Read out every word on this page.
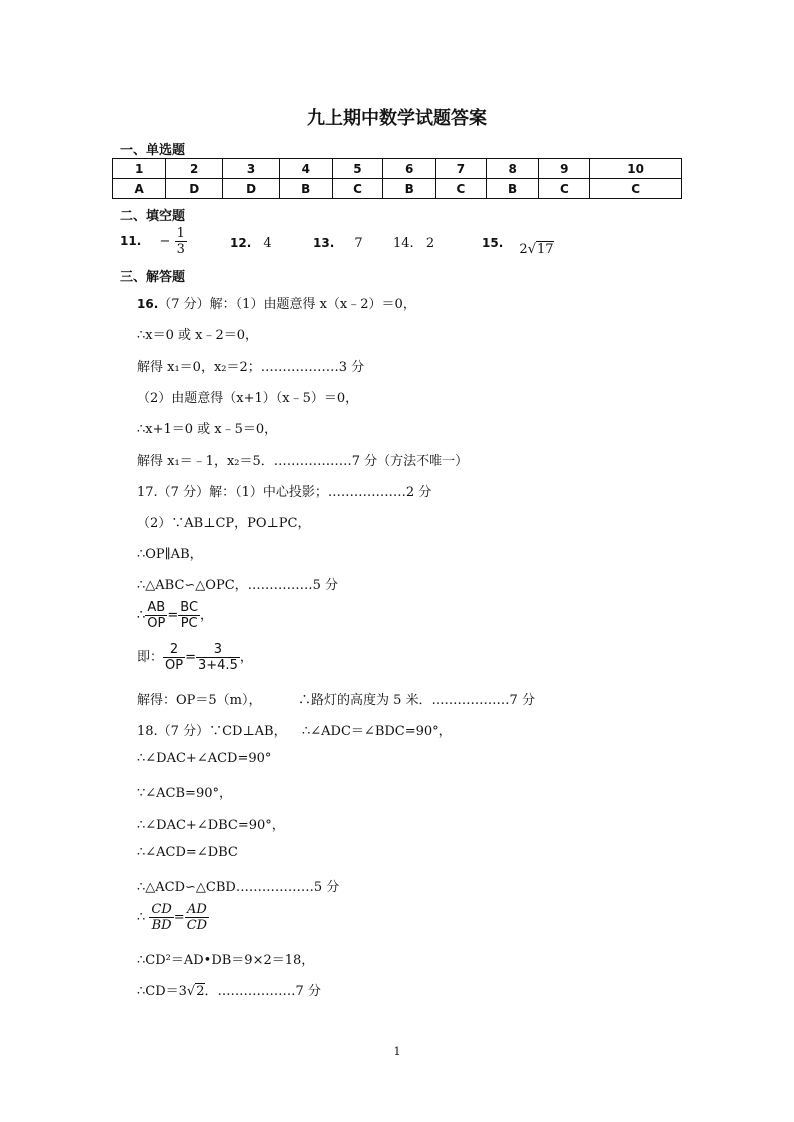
九上期中数学试题答案
一、单选题
1	2	3	4	5	6	7	8	9	10
A	D	D	B	C	B	C	B	C	C
二、填空题
11. − $\frac{1}{3}$	12. 4	13. 7 14. 2	15. 2√17
三、解答题
16.（7 分）解：（1）由题意得 x（x﹣2）＝0，
∴x＝0 或 x﹣2＝0，
解得 x₁＝0，x₂＝2；………………3 分
（2）由题意得（x+1）（x﹣5）＝0，
∴x+1＝0 或 x﹣5＝0，
解得 x₁＝﹣1，x₂＝5．………………7 分（方法不唯一）
17.（7 分）解：（1）中心投影；………………2 分
（2）∵AB⊥CP，PO⊥PC，
∴OP∥AB，
∴△ABC∽△OPC，……………5 分
∴ $\frac{AB}{OP} = \frac{BC}{PC}$ ，
即： $\frac{2}{OP} = \frac{3}{3+4.5}$ ，
解得：OP＝5（m），	∴路灯的高度为 5 米．………………7 分
18.（7 分）∵CD⊥AB， ∴∠ADC＝∠BDC=90°，
∴∠DAC+∠ACD=90°
∵∠ACB=90°，
∴∠DAC+∠DBC=90°，
∴∠ACD=∠DBC
∴△ACD∽△CBD………………5 分
∴ $\frac{CD}{BD} = \frac{AD}{CD}$
∴CD²＝AD•DB＝9×2＝18，
∴CD＝3√2．………………7 分
1
